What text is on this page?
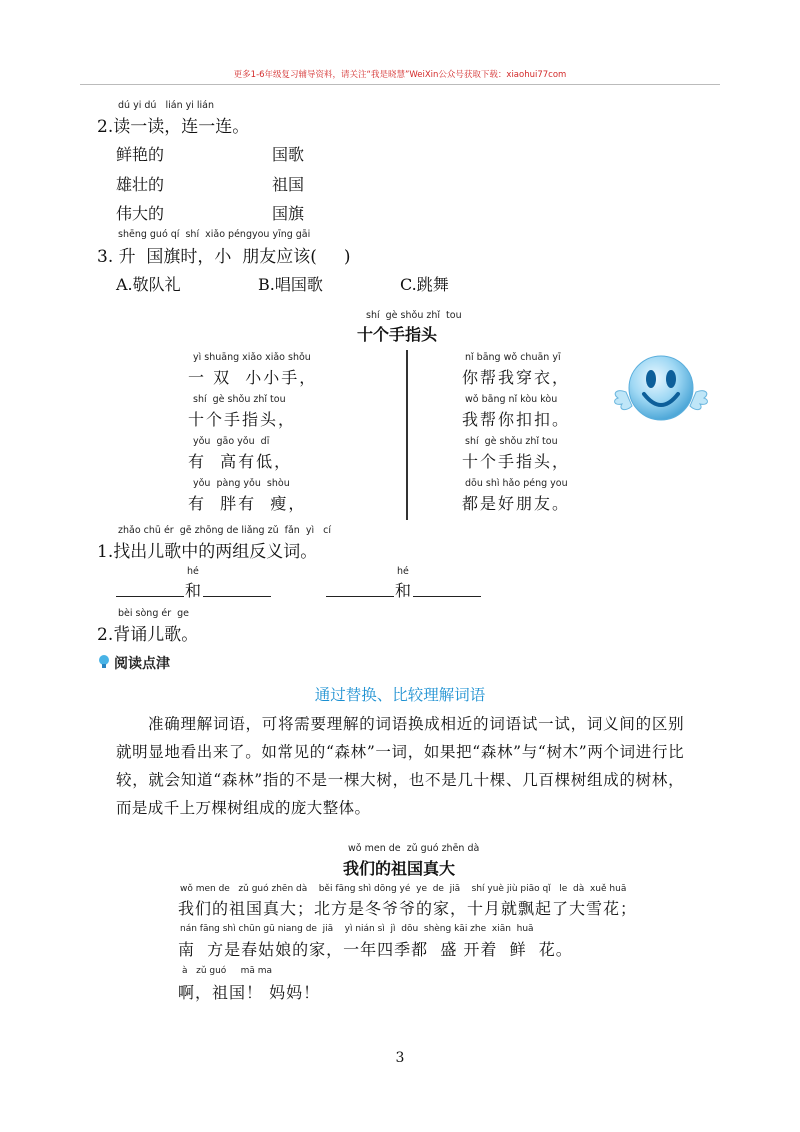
更多1-6年级复习辅导资料，请关注“我是晓慧”WeiXin公众号获取下载：xiaohui77com
dú yi dú   lián yi lián
2.读一读，连一连。
鲜艳的
雄壮的
伟大的
国歌
祖国
国旗
shēng guó qí  shí  xiǎo péngyou yīng gāi
3. 升  国旗时，小  朋友应该(     )
A.敬队礼	B.唱国歌	C.跳舞
shí  gè shǒu zhǐ  tou
十个手指头
yì shuāng xiǎo xiǎo shǒu
一 双  小小手，
shí  gè shǒu zhǐ tou
十个手指头，
yǒu  gāo yǒu  dī
有  高有低，
yǒu  pàng yǒu  shòu
有  胖有  瘦，
nǐ bāng wǒ chuān yī
你帮我穿衣，
wǒ bāng nǐ kòu kòu
我帮你扣扣。
shí  gè shǒu zhǐ tou
十个手指头，
dōu shì hǎo péng you
都是好朋友。
zhǎo chū ér  gē zhōng de liǎng zǔ  fǎn  yì   cí
1.找出儿歌中的两组反义词。
hé	hé
和	和
bèi sòng ér  ge
2.背诵儿歌。
阅读点津
通过替换、比较理解词语
准确理解词语，可将需要理解的词语换成相近的词语试一试，词义间的区别就明显地看出来了。如常见的“森林”一词，如果把“森林”与“树木”两个词进行比较，就会知道“森林”指的不是一棵大树，也不是几十棵、几百棵树组成的树林，而是成千上万棵树组成的庞大整体。
wǒ men de  zǔ guó zhēn dà
我们的祖国真大
wǒ men de   zǔ guó zhēn dà    běi fāng shì dōng yé  ye  de  jiā    shí yuè jiù piāo qǐ   le  dà  xuě huā
我们的祖国真大；北方是冬爷爷的家，十月就飘起了大雪花；
nán fāng shì chūn gū niang de  jiā    yì nián sì  jì  dōu  shèng kāi zhe  xiān  huā
南  方是春姑娘的家，一年四季都  盛 开着  鲜  花。
à   zǔ guó     mā ma
啊，祖国！ 妈妈！
3
